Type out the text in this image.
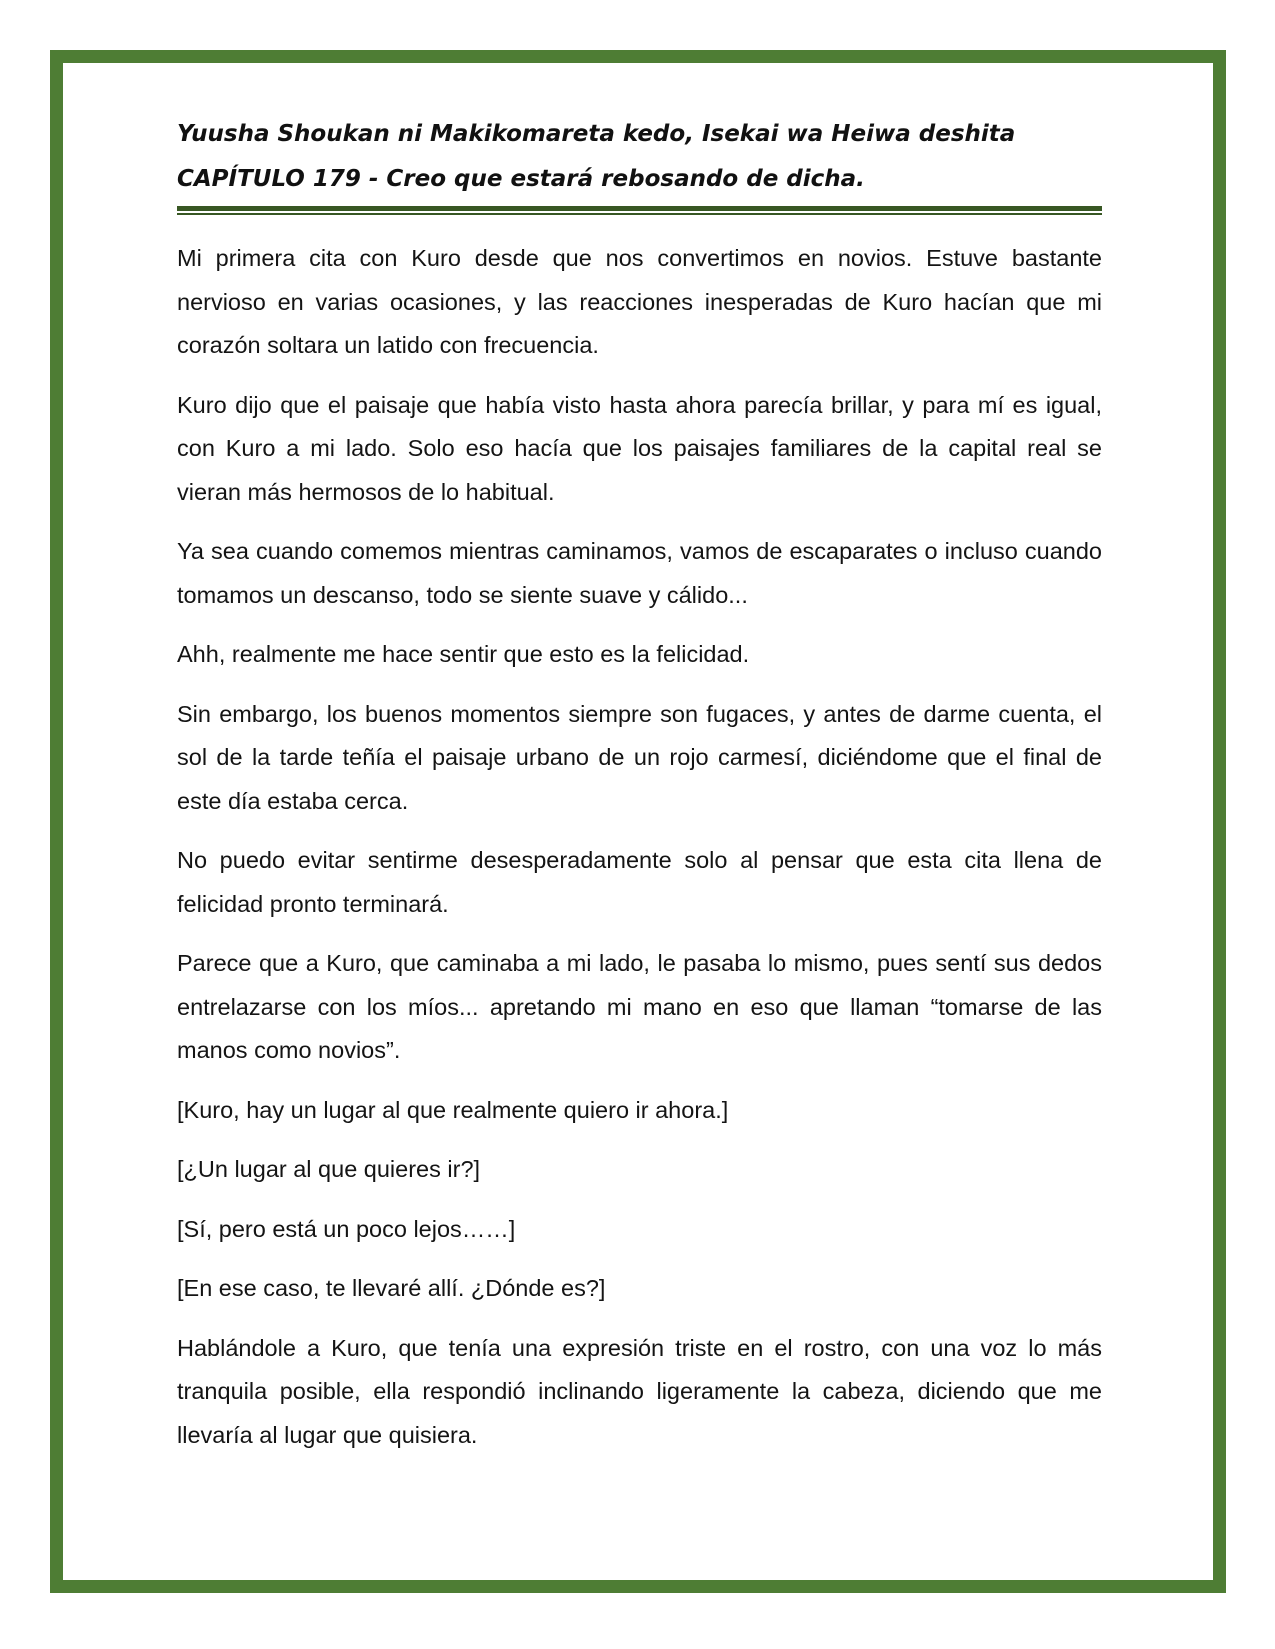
Yuusha Shoukan ni Makikomareta kedo, Isekai wa Heiwa deshita
CAPÍTULO 179 - Creo que estará rebosando de dicha.

Mi primera cita con Kuro desde que nos convertimos en novios. Estuve bastante nervioso en varias ocasiones, y las reacciones inesperadas de Kuro hacían que mi corazón soltara un latido con frecuencia.

Kuro dijo que el paisaje que había visto hasta ahora parecía brillar, y para mí es igual, con Kuro a mi lado. Solo eso hacía que los paisajes familiares de la capital real se vieran más hermosos de lo habitual.

Ya sea cuando comemos mientras caminamos, vamos de escaparates o incluso cuando tomamos un descanso, todo se siente suave y cálido...

Ahh, realmente me hace sentir que esto es la felicidad.

Sin embargo, los buenos momentos siempre son fugaces, y antes de darme cuenta, el sol de la tarde teñía el paisaje urbano de un rojo carmesí, diciéndome que el final de este día estaba cerca.

No puedo evitar sentirme desesperadamente solo al pensar que esta cita llena de felicidad pronto terminará.

Parece que a Kuro, que caminaba a mi lado, le pasaba lo mismo, pues sentí sus dedos entrelazarse con los míos... apretando mi mano en eso que llaman “tomarse de las manos como novios”.

[Kuro, hay un lugar al que realmente quiero ir ahora.]

[¿Un lugar al que quieres ir?]

[Sí, pero está un poco lejos……]

[En ese caso, te llevaré allí. ¿Dónde es?]

Hablándole a Kuro, que tenía una expresión triste en el rostro, con una voz lo más tranquila posible, ella respondió inclinando ligeramente la cabeza, diciendo que me llevaría al lugar que quisiera.
